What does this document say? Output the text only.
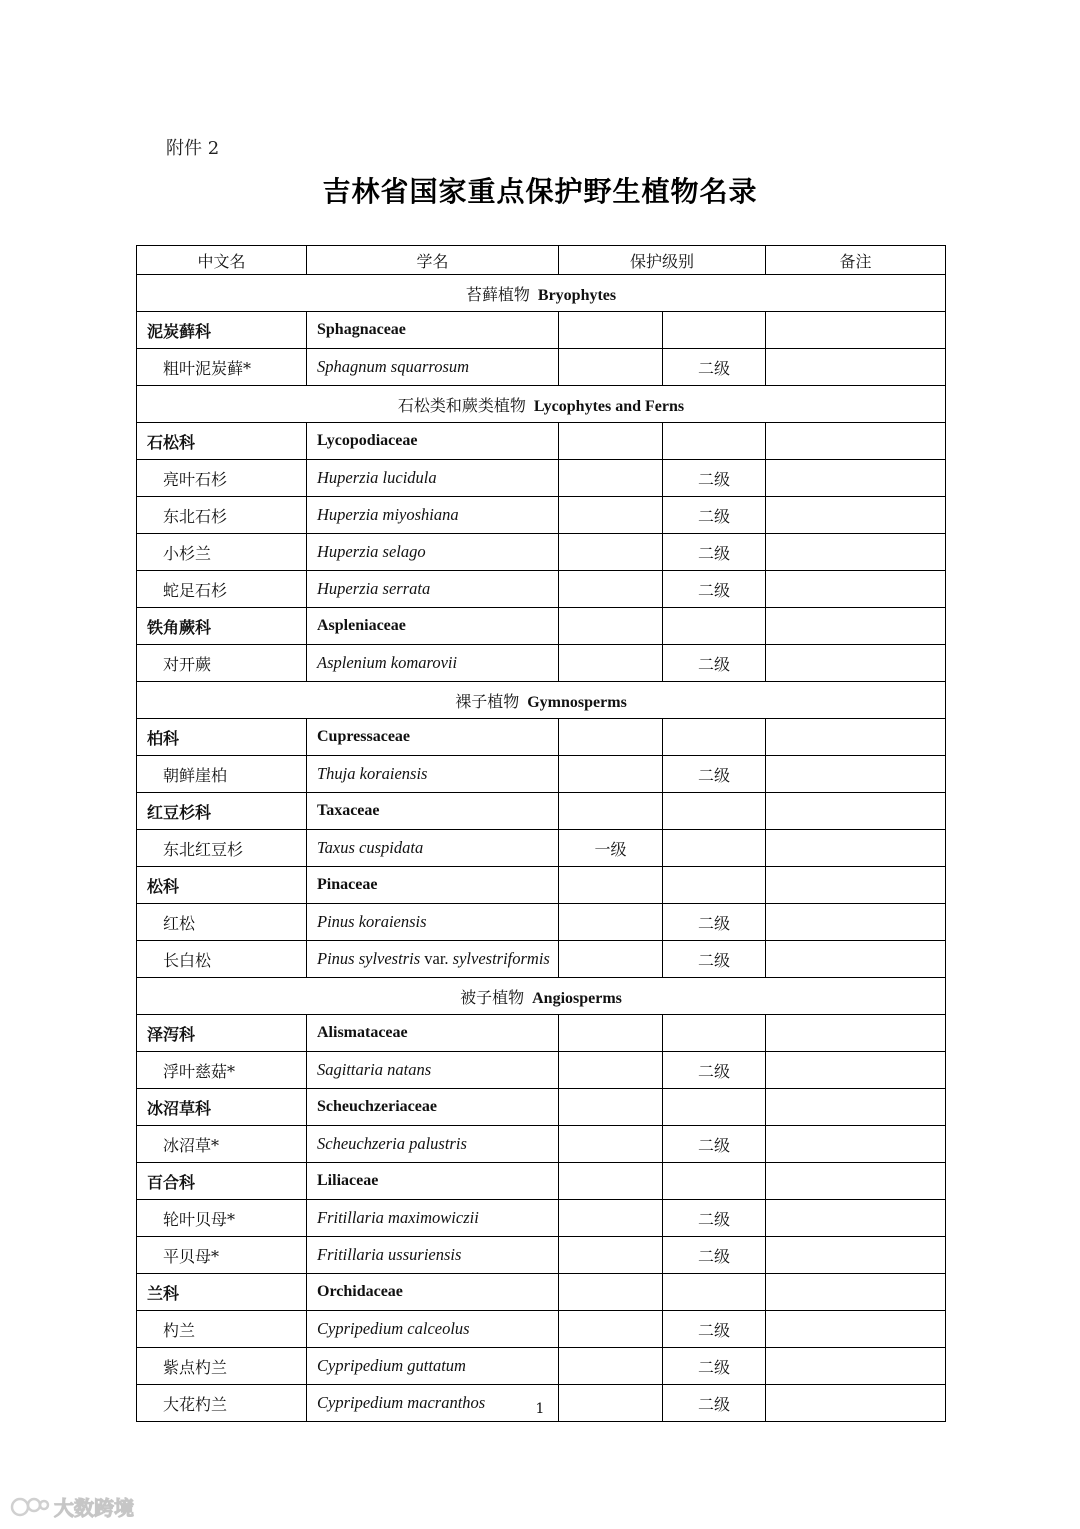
附件 2
吉林省国家重点保护野生植物名录
中文名	学名	保护级别		备注
苔藓植物 Bryophytes				
泥炭藓科	Sphagnaceae			
粗叶泥炭藓*	Sphagnum squarrosum		二级	
石松类和蕨类植物 Lycophytes and Ferns				
石松科	Lycopodiaceae			
亮叶石杉	Huperzia lucidula		二级	
东北石杉	Huperzia miyoshiana		二级	
小杉兰	Huperzia selago		二级	
蛇足石杉	Huperzia serrata		二级	
铁角蕨科	Aspleniaceae			
对开蕨	Asplenium komarovii		二级	
裸子植物 Gymnosperms				
柏科	Cupressaceae			
朝鲜崖柏	Thuja koraiensis		二级	
红豆杉科	Taxaceae			
东北红豆杉	Taxus cuspidata	一级		
松科	Pinaceae			
红松	Pinus koraiensis		二级	
长白松	Pinus sylvestris var. sylvestriformis		二级	
被子植物 Angiosperms				
泽泻科	Alismataceae			
浮叶慈菇*	Sagittaria natans		二级	
冰沼草科	Scheuchzeriaceae			
冰沼草*	Scheuchzeria palustris		二级	
百合科	Liliaceae			
轮叶贝母*	Fritillaria maximowiczii		二级	
平贝母*	Fritillaria ussuriensis		二级	
兰科	Orchidaceae			
杓兰	Cypripedium calceolus		二级	
紫点杓兰	Cypripedium guttatum		二级	
大花杓兰	Cypripedium macranthos		二级	
1
大数跨境
